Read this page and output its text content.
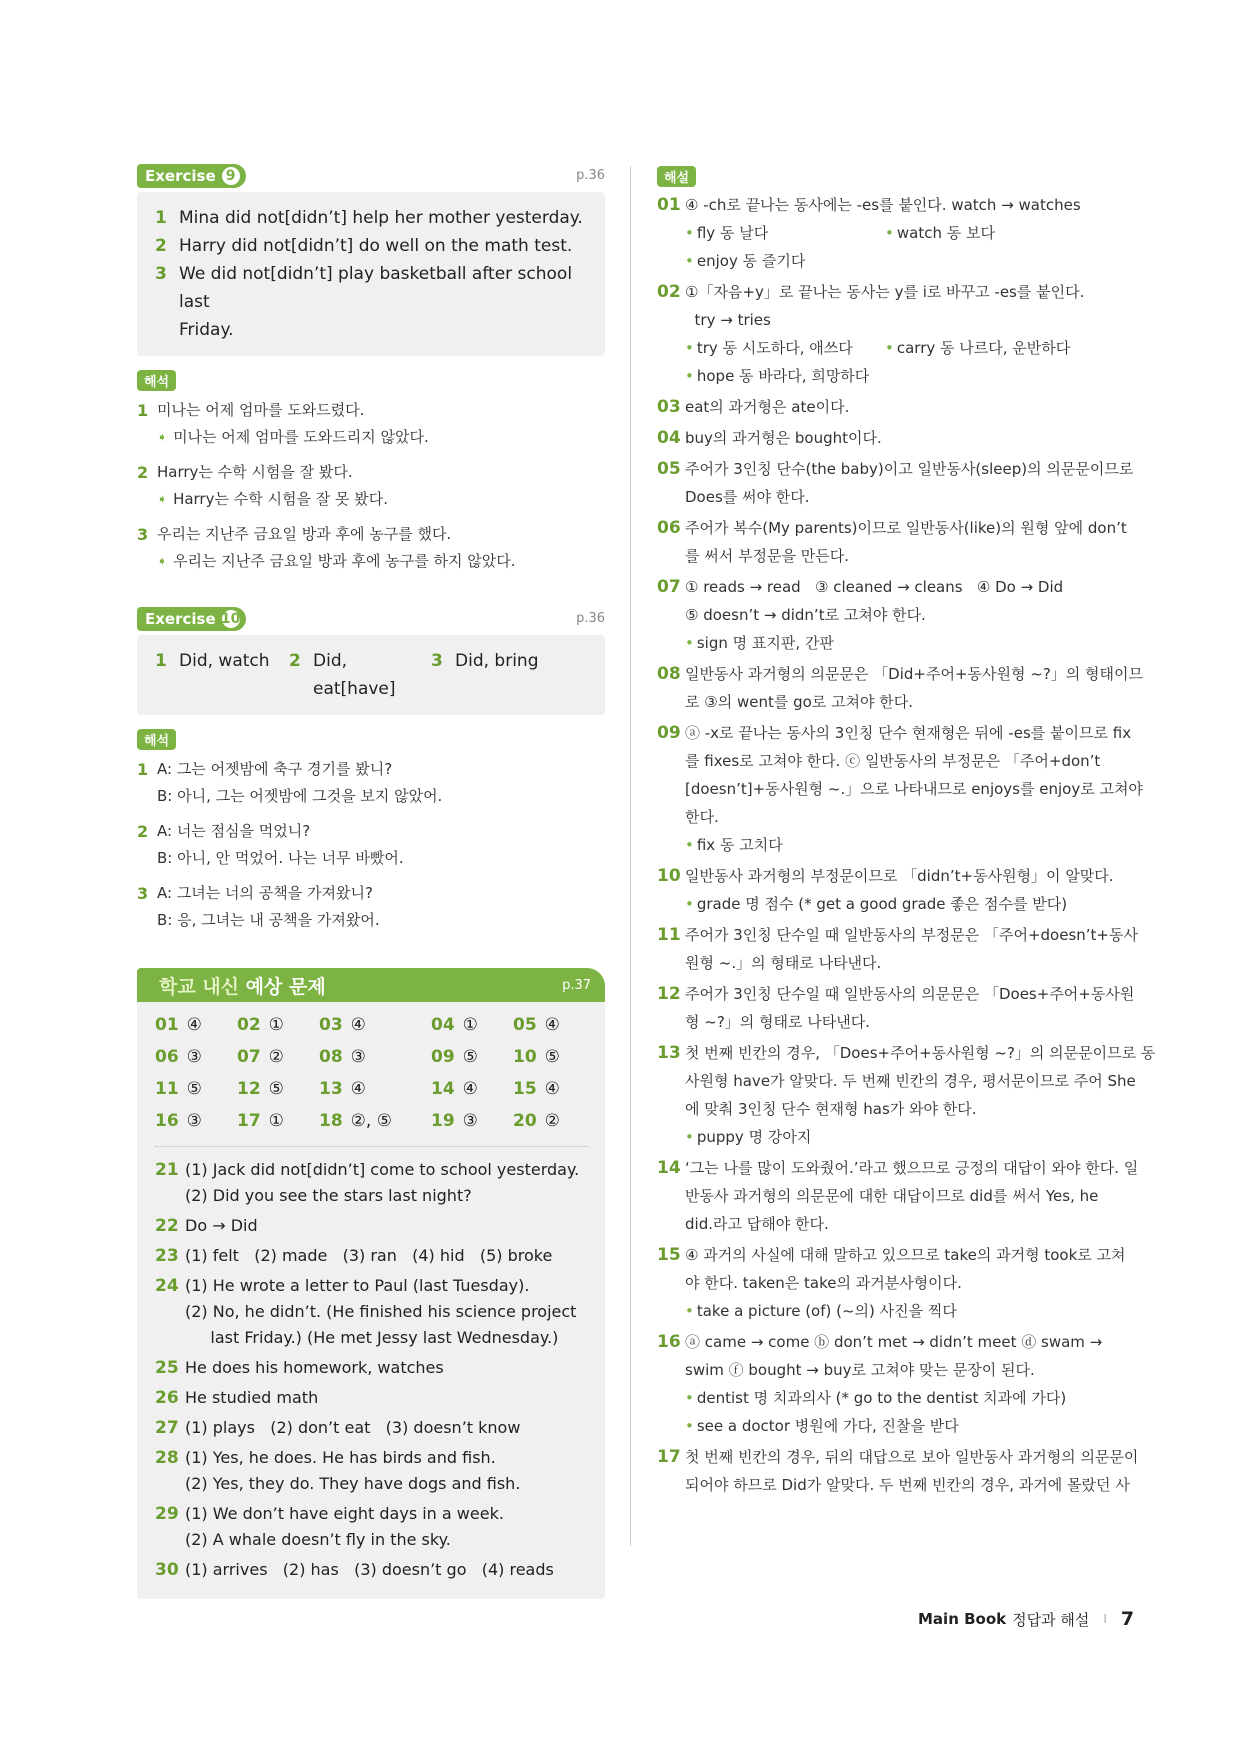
Exercise 9	p.36
1 Mina did not[didn’t] help her mother yesterday.
2 Harry did not[didn’t] do well on the math test.
3 We did not[didn’t] play basketball after school last
Friday.
해석
1 미나는 어제 엄마를 도와드렸다.
➧ 미나는 어제 엄마를 도와드리지 않았다.
2 Harry는 수학 시험을 잘 봤다.
➧ Harry는 수학 시험을 잘 못 봤다.
3 우리는 지난주 금요일 방과 후에 농구를 했다.
➧ 우리는 지난주 금요일 방과 후에 농구를 하지 않았다.
Exercise 10	p.36
1 Did, watch	2 Did, eat[have]
3 Did, bring
해석
1 A: 그는 어젯밤에 축구 경기를 봤니?
B: 아니, 그는 어젯밤에 그것을 보지 않았어.
2 A: 너는 점심을 먹었니?
B: 아니, 안 먹었어. 나는 너무 바빴어.
3 A: 그녀는 너의 공책을 가져왔니?
B: 응, 그녀는 내 공책을 가져왔어.
학교 내신 예상 문제	p.37
01 ④	02 ①	03 ④	04 ①	05 ④
06 ③	07 ②	08 ③	09 ⑤	10 ⑤
11 ⑤	12 ⑤	13 ④	14 ④	15 ④
16 ③	17 ①	18 ②, ⑤	19 ③	20 ②
21 (1) Jack did not[didn’t] come to school yesterday.
(2) Did you see the stars last night?
22 Do → Did
23 (1) felt   (2) made   (3) ran   (4) hid   (5) broke
24 (1) He wrote a letter to Paul (last Tuesday).
(2) No, he didn’t. (He finished his science project
last Friday.) (He met Jessy last Wednesday.)
25 He does his homework, watches
26 He studied math
27 (1) plays   (2) don’t eat   (3) doesn’t know
28 (1) Yes, he does. He has birds and fish.
(2) Yes, they do. They have dogs and fish.
29 (1) We don’t have eight days in a week.
(2) A whale doesn’t fly in the sky.
30 (1) arrives   (2) has   (3) doesn’t go   (4) reads
해설
01 ④ -ch로 끝나는 동사에는 -es를 붙인다. watch → watches
• fly 동 날다	• watch 동 보다
• enjoy 동 즐기다
02 ①「자음+y」로 끝나는 동사는 y를 i로 바꾸고 -es를 붙인다.
try → tries
• try 동 시도하다, 애쓰다	• carry 동 나르다, 운반하다
• hope 동 바라다, 희망하다
03 eat의 과거형은 ate이다.
04 buy의 과거형은 bought이다.
05 주어가 3인칭 단수(the baby)이고 일반동사(sleep)의 의문문이므로
Does를 써야 한다.
06 주어가 복수(My parents)이므로 일반동사(like)의 원형 앞에 don’t
를 써서 부정문을 만든다.
07 ① reads → read   ③ cleaned → cleans   ④ Do → Did
⑤ doesn’t → didn’t로 고쳐야 한다.
• sign 명 표지판, 간판
08 일반동사 과거형의 의문문은 「Did+주어+동사원형 ~?」의 형태이므
로 ③의 went를 go로 고쳐야 한다.
09 ⓐ -x로 끝나는 동사의 3인칭 단수 현재형은 뒤에 -es를 붙이므로 fix
를 fixes로 고쳐야 한다. ⓒ 일반동사의 부정문은 「주어+don’t
[doesn’t]+동사원형 ~.」으로 나타내므로 enjoys를 enjoy로 고쳐야
한다.
• fix 동 고치다
10 일반동사 과거형의 부정문이므로 「didn’t+동사원형」이 알맞다.
• grade 명 점수 (* get a good grade 좋은 점수를 받다)
11 주어가 3인칭 단수일 때 일반동사의 부정문은 「주어+doesn’t+동사
원형 ~.」의 형태로 나타낸다.
12 주어가 3인칭 단수일 때 일반동사의 의문문은 「Does+주어+동사원
형 ~?」의 형태로 나타낸다.
13 첫 번째 빈칸의 경우, 「Does+주어+동사원형 ~?」의 의문문이므로 동
사원형 have가 알맞다. 두 번째 빈칸의 경우, 평서문이므로 주어 She
에 맞춰 3인칭 단수 현재형 has가 와야 한다.
• puppy 명 강아지
14 ‘그는 나를 많이 도와줬어.’라고 했으므로 긍정의 대답이 와야 한다. 일
반동사 과거형의 의문문에 대한 대답이므로 did를 써서 Yes, he
did.라고 답해야 한다.
15 ④ 과거의 사실에 대해 말하고 있으므로 take의 과거형 took로 고쳐
야 한다. taken은 take의 과거분사형이다.
• take a picture (of) (~의) 사진을 찍다
16 ⓐ came → come ⓑ don’t met → didn’t meet ⓓ swam →
swim ⓕ bought → buy로 고쳐야 맞는 문장이 된다.
• dentist 명 치과의사 (* go to the dentist 치과에 가다)
• see a doctor 병원에 가다, 진찰을 받다
17 첫 번째 빈칸의 경우, 뒤의 대답으로 보아 일반동사 과거형의 의문문이
되어야 하므로 Did가 알맞다. 두 번째 빈칸의 경우, 과거에 몰랐던 사
Main Book 정답과 해설 I 7
